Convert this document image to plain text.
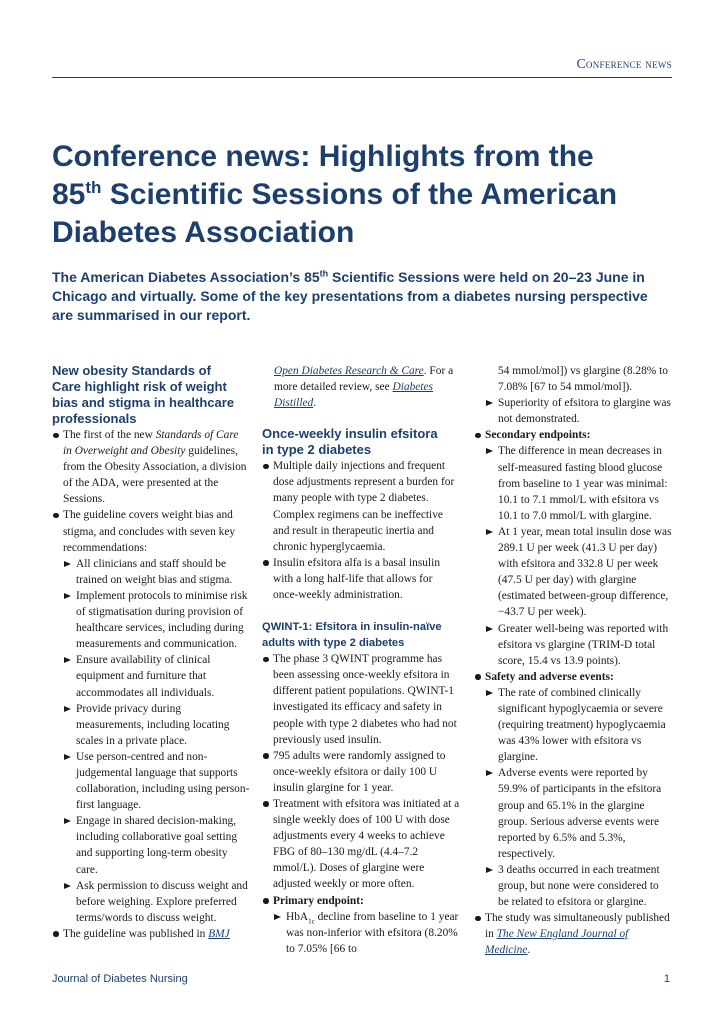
Conference news
Conference news: Highlights from the
85th Scientific Sessions of the American
Diabetes Association

The American Diabetes Association’s 85th Scientific Sessions were held on 20–23 June in Chicago and virtually. Some of the key presentations from a diabetes nursing perspective are summarised in our report.

New obesity Standards of
Care highlight risk of weight
bias and stigma in healthcare
professionals

The first of the new Standards of Care in Overweight and Obesity guidelines, from the Obesity Association, a division of the ADA, were presented at the Sessions.
The guideline covers weight bias and stigma, and concludes with seven key recommendations:
All clinicians and staff should be trained on weight bias and stigma.
Implement protocols to minimise risk of stigmatisation during provision of healthcare services, including during measurements and communication.
Ensure availability of clinical equipment and furniture that accommodates all individuals.
Provide privacy during measurements, including locating scales in a private place.
Use person-centred and non-judgemental language that supports collaboration, including using person-first language.
Engage in shared decision-making, including collaborative goal setting and supporting long-term obesity care.
Ask permission to discuss weight and before weighing. Explore preferred terms/words to discuss weight.
The guideline was published in BMJ
Open Diabetes Research & Care. For a more detailed review, see Diabetes Distilled.

Once-weekly insulin efsitora
in type 2 diabetes

Multiple daily injections and frequent dose adjustments represent a burden for many people with type 2 diabetes. Complex regimens can be ineffective and result in therapeutic inertia and chronic hyperglycaemia.
Insulin efsitora alfa is a basal insulin with a long half-life that allows for once-weekly administration.

QWINT-1: Efsitora in insulin-naïve
adults with type 2 diabetes

The phase 3 QWINT programme has been assessing once-weekly efsitora in different patient populations. QWINT-1 investigated its efficacy and safety in people with type 2 diabetes who had not previously used insulin.
795 adults were randomly assigned to once-weekly efsitora or daily 100 U insulin glargine for 1 year.
Treatment with efsitora was initiated at a single weekly does of 100 U with dose adjustments every 4 weeks to achieve FBG of 80–130 mg/dL (4.4–7.2 mmol/L). Doses of glargine were adjusted weekly or more often.
Primary endpoint:
HbA$_{1c}$ decline from baseline to 1 year was non-inferior with efsitora (8.20% to 7.05% [66 to
54 mmol/mol]) vs glargine (8.28% to 7.08% [67 to 54 mmol/mol]).
Superiority of efsitora to glargine was not demonstrated.
Secondary endpoints:
The difference in mean decreases in self-measured fasting blood glucose from baseline to 1 year was minimal: 10.1 to 7.1 mmol/L with efsitora vs 10.1 to 7.0 mmol/L with glargine.
At 1 year, mean total insulin dose was 289.1 U per week (41.3 U per day) with efsitora and 332.8 U per week (47.5 U per day) with glargine (estimated between-group difference, −43.7 U per week).
Greater well-being was reported with efsitora vs glargine (TRIM-D total score, 15.4 vs 13.9 points).
Safety and adverse events:
The rate of combined clinically significant hypoglycaemia or severe (requiring treatment) hypoglycaemia was 43% lower with efsitora vs glargine.
Adverse events were reported by 59.9% of participants in the efsitora group and 65.1% in the glargine group. Serious adverse events were reported by 6.5% and 5.3%, respectively.
3 deaths occurred in each treatment group, but none were considered to be related to efsitora or glargine.
The study was simultaneously published in The New England Journal of Medicine.
Journal of Diabetes Nursing	1
